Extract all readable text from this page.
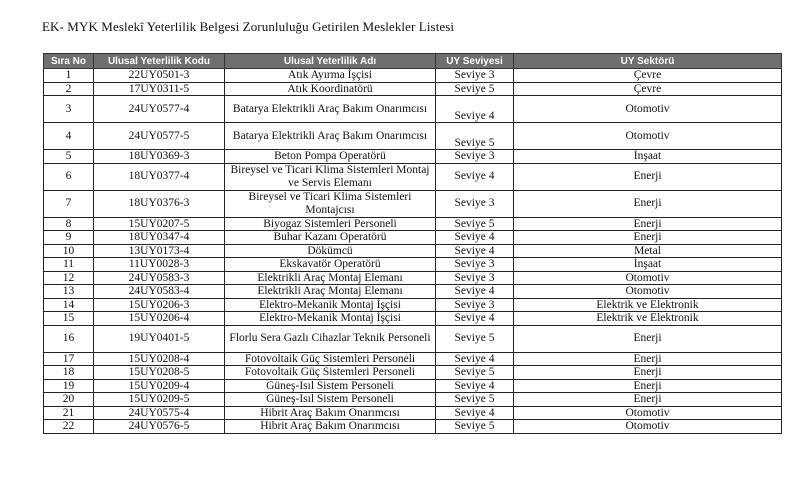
EK- MYK Meslekî Yeterlilik Belgesi Zorunluluğu Getirilen Meslekler Listesi
Sıra No	Ulusal Yeterlilik Kodu	Ulusal Yeterlilik Adı	UY Seviyesi	UY Sektörü
1	22UY0501-3	Atık Ayırma İşçisi	Seviye 3	Çevre
2	17UY0311-5	Atık Koordinatörü	Seviye 5	Çevre
3	24UY0577-4	Batarya Elektrikli Araç Bakım Onarımcısı	Seviye 4	Otomotiv
4	24UY0577-5	Batarya Elektrikli Araç Bakım Onarımcısı	Seviye 5	Otomotiv
5	18UY0369-3	Beton Pompa Operatörü	Seviye 3	İnşaat
6	18UY0377-4	Bireysel ve Ticari Klima Sistemleri Montaj ve Servis Elemanı	Seviye 4	Enerji
7	18UY0376-3	Bireysel ve Ticari Klima Sistemleri Montajcısı	Seviye 3	Enerji
8	15UY0207-5	Biyogaz Sistemleri Personeli	Seviye 5	Enerji
9	18UY0347-4	Buhar Kazanı Operatörü	Seviye 4	Enerji
10	13UY0173-4	Dökümcü	Seviye 4	Metal
11	11UY0028-3	Ekskavatör Operatörü	Seviye 3	İnşaat
12	24UY0583-3	Elektrikli Araç Montaj Elemanı	Seviye 3	Otomotiv
13	24UY0583-4	Elektrikli Araç Montaj Elemanı	Seviye 4	Otomotiv
14	15UY0206-3	Elektro-Mekanik Montaj İşçisi	Seviye 3	Elektrik ve Elektronik
15	15UY0206-4	Elektro-Mekanik Montaj İşçisi	Seviye 4	Elektrik ve Elektronik
16	19UY0401-5	Florlu Sera Gazlı Cihazlar Teknik Personeli	Seviye 5	Enerji
17	15UY0208-4	Fotovoltaik Güç Sistemleri Personeli	Seviye 4	Enerji
18	15UY0208-5	Fotovoltaik Güç Sistemleri Personeli	Seviye 5	Enerji
19	15UY0209-4	Güneş-Isıl Sistem Personeli	Seviye 4	Enerji
20	15UY0209-5	Güneş-Isıl Sistem Personeli	Seviye 5	Enerji
21	24UY0575-4	Hibrit Araç Bakım Onarımcısı	Seviye 4	Otomotiv
22	24UY0576-5	Hibrit Araç Bakım Onarımcısı	Seviye 5	Otomotiv
